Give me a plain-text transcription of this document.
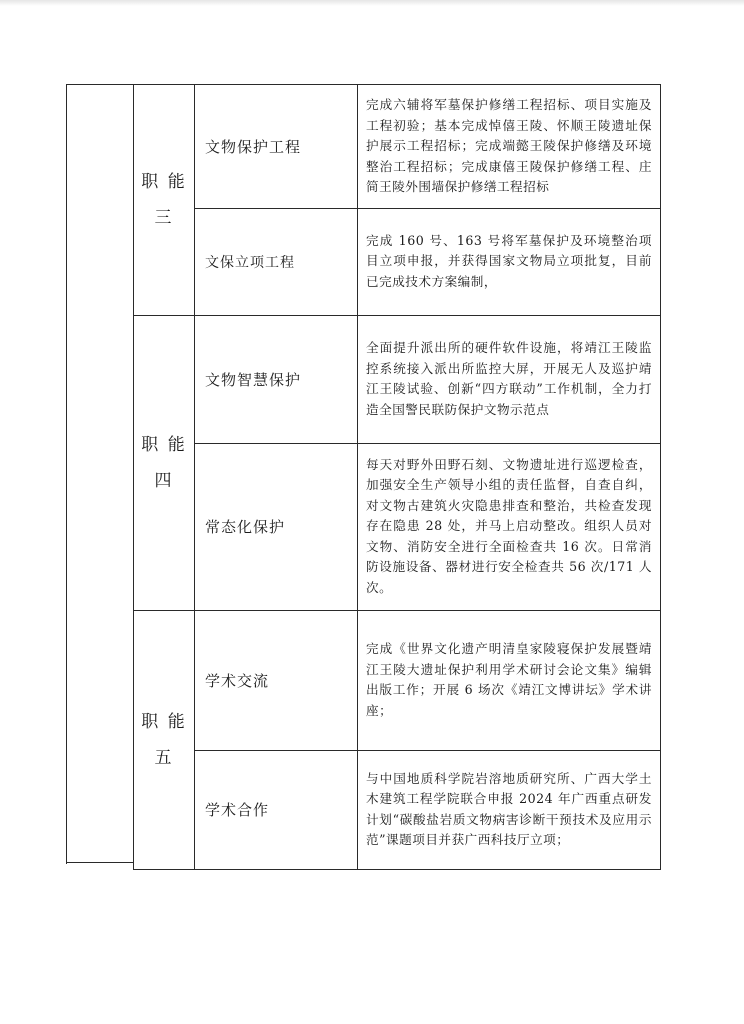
职 能
三	文物保护工程	完成六辅将军墓保护修缮工程招标、项目实施及工程初验；基本完成悼僖王陵、怀顺王陵遗址保护展示工程招标；完成端懿王陵保护修缮及环境整治工程招标；完成康僖王陵保护修缮工程、庄简王陵外围墙保护修缮工程招标
	文保立项工程	完成 160 号、163 号将军墓保护及环境整治项目立项申报，并获得国家文物局立项批复，目前已完成技术方案编制，

职 能
四	文物智慧保护	全面提升派出所的硬件软件设施，将靖江王陵监控系统接入派出所监控大屏，开展无人及巡护靖江王陵试验、创新“四方联动”工作机制，全力打造全国警民联防保护文物示范点
	常态化保护	每天对野外田野石刻、文物遗址进行巡逻检查，加强安全生产领导小组的责任监督，自查自纠，对文物古建筑火灾隐患排查和整治，共检查发现存在隐患 28 处，并马上启动整改。组织人员对文物、消防安全进行全面检查共 16 次。日常消防设施设备、器材进行安全检查共 56 次/171 人次。

职 能
五	学术交流	完成《世界文化遗产明清皇家陵寝保护发展暨靖江王陵大遗址保护利用学术研讨会论文集》编辑出版工作；开展 6 场次《靖江文博讲坛》学术讲座；
	学术合作	与中国地质科学院岩溶地质研究所、广西大学土木建筑工程学院联合申报 2024 年广西重点研发计划“碳酸盐岩质文物病害诊断干预技术及应用示范”课题项目并获广西科技厅立项；
